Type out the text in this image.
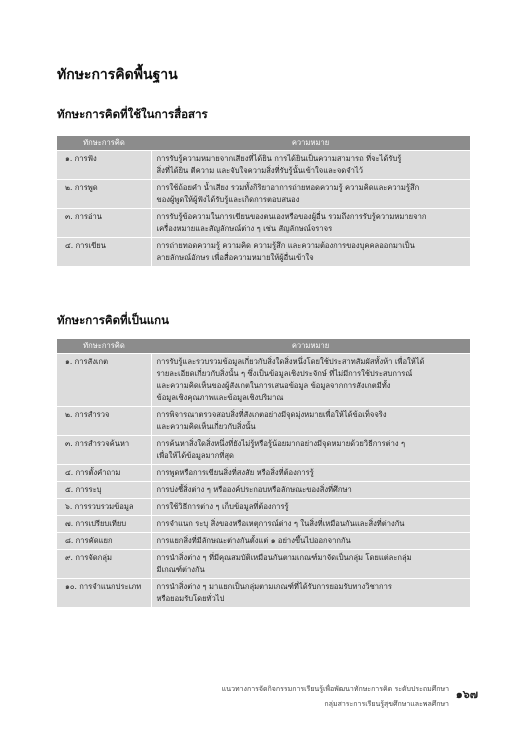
ทักษะการคิดพื้นฐาน
ทักษะการคิดที่ใช้ในการสื่อสาร
ทักษะการคิด	ความหมาย
๑. การฟัง	การรับรู้ความหมายจากเสียงที่ได้ยิน การได้ยินเป็นความสามารถ ที่จะได้รับรู้
สิ่งที่ได้ยิน ตีความ และจับใจความสิ่งที่รับรู้นั้นเข้าใจและจดจำไว้

๒. การพูด	การใช้ถ้อยคำ น้ำเสียง รวมทั้งกิริยาอาการถ่ายทอดความรู้ ความคิดและความรู้สึก
ของผู้พูดให้ผู้ฟังได้รับรู้และเกิดการตอบสนอง

๓. การอ่าน	การรับรู้ข้อความในการเขียนของตนเองหรือของผู้อื่น รวมถึงการรับรู้ความหมายจาก
เครื่องหมายและสัญลักษณ์ต่าง ๆ เช่น สัญลักษณ์จราจร

๔. การเขียน	การถ่ายทอดความรู้ ความคิด ความรู้สึก และความต้องการของบุคคลออกมาเป็น
ลายลักษณ์อักษร เพื่อสื่อความหมายให้ผู้อื่นเข้าใจ
ทักษะการคิดที่เป็นแกน
ทักษะการคิด	ความหมาย
๑. การสังเกต	การรับรู้และรวบรวมข้อมูลเกี่ยวกับสิ่งใดสิ่งหนึ่งโดยใช้ประสาทสัมผัสทั้งห้า เพื่อให้ได้
รายละเอียดเกี่ยวกับสิ่งนั้น ๆ ซึ่งเป็นข้อมูลเชิงประจักษ์ ที่ไม่มีการใช้ประสบการณ์
และความคิดเห็นของผู้สังเกตในการเสนอข้อมูล ข้อมูลจากการสังเกตมีทั้ง
ข้อมูลเชิงคุณภาพและข้อมูลเชิงปริมาณ

๒. การสำรวจ	การพิจารณาตรวจสอบสิ่งที่สังเกตอย่างมีจุดมุ่งหมายเพื่อให้ได้ข้อเท็จจริง
และความคิดเห็นเกี่ยวกับสิ่งนั้น

๓. การสำรวจค้นหา	การค้นหาสิ่งใดสิ่งหนึ่งที่ยังไม่รู้หรือรู้น้อยมากอย่างมีจุดหมายด้วยวิธีการต่าง ๆ
เพื่อให้ได้ข้อมูลมากที่สุด

๔. การตั้งคำถาม	การพูดหรือการเขียนสิ่งที่สงสัย หรือสิ่งที่ต้องการรู้

๕. การระบุ	การบ่งชี้สิ่งต่าง ๆ หรือองค์ประกอบหรือลักษณะของสิ่งที่ศึกษา

๖. การรวบรวมข้อมูล	การใช้วิธีการต่าง ๆ เก็บข้อมูลที่ต้องการรู้

๗. การเปรียบเทียบ	การจำแนก ระบุ สิ่งของหรือเหตุการณ์ต่าง ๆ ในสิ่งที่เหมือนกันและสิ่งที่ต่างกัน

๘. การคัดแยก	การแยกสิ่งที่มีลักษณะต่างกันตั้งแต่ ๑ อย่างขึ้นไปออกจากกัน

๙. การจัดกลุ่ม	การนำสิ่งต่าง ๆ ที่มีคุณสมบัติเหมือนกันตามเกณฑ์มาจัดเป็นกลุ่ม โดยแต่ละกลุ่ม
มีเกณฑ์ต่างกัน

๑๐. การจำแนกประเภท	การนำสิ่งต่าง ๆ มาแยกเป็นกลุ่มตามเกณฑ์ที่ได้รับการยอมรับทางวิชาการ
หรือยอมรับโดยทั่วไป
แนวทางการจัดกิจกรรมการเรียนรู้เพื่อพัฒนาทักษะการคิด ระดับประถมศึกษา
กลุ่มสาระการเรียนรู้สุขศึกษาและพลศึกษา
๑๖๗
